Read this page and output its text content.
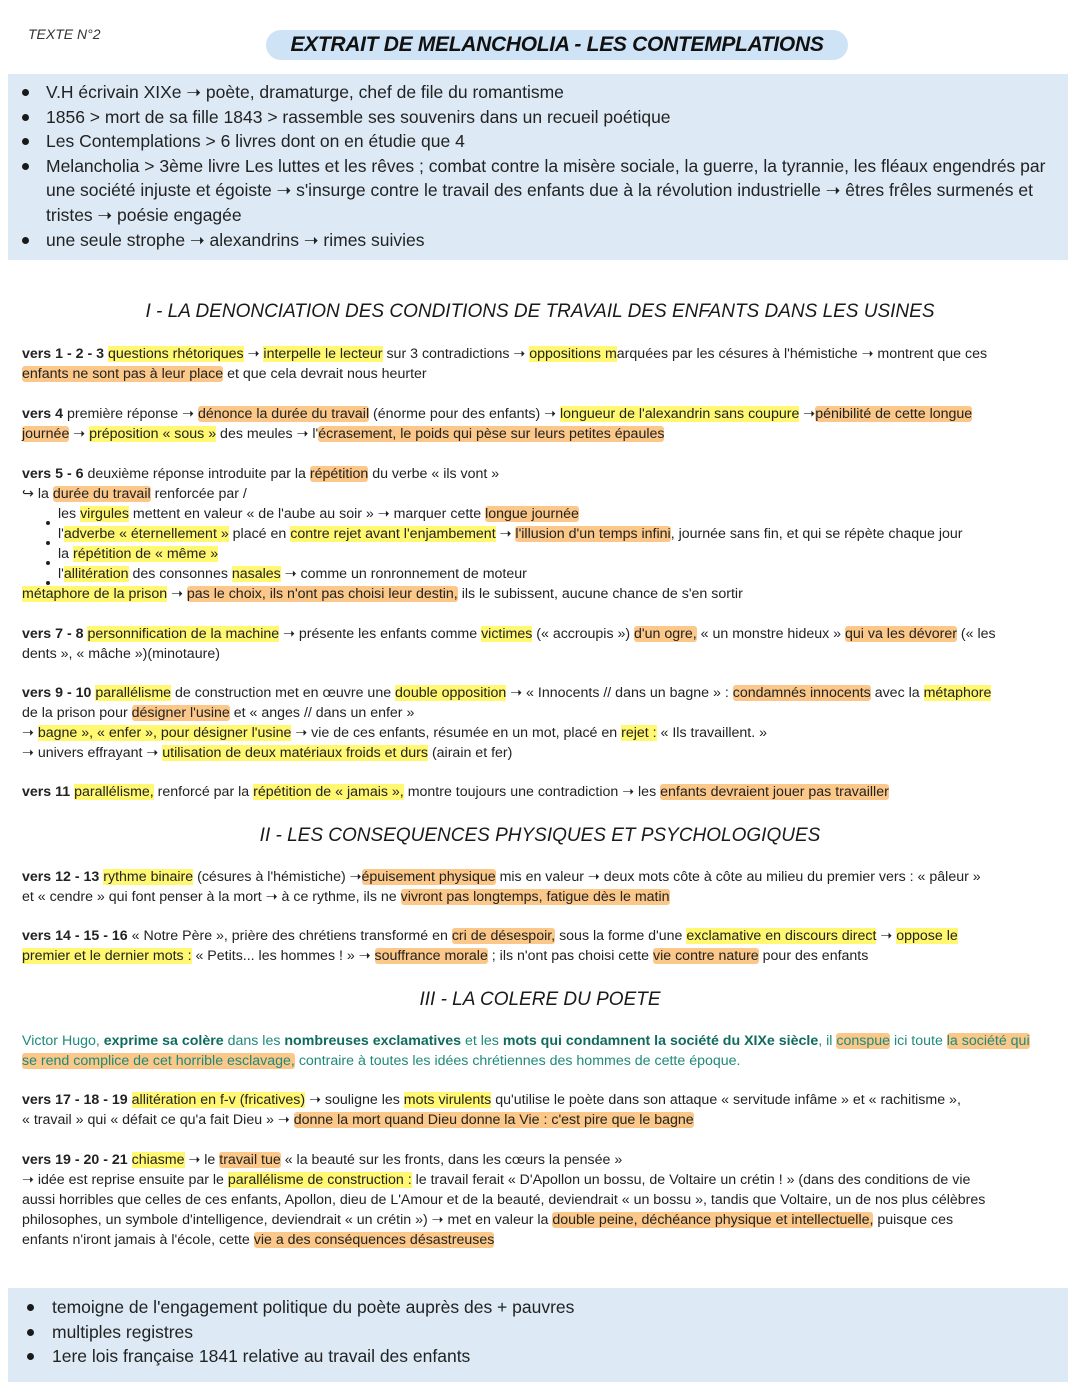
TEXTE N°2	EXTRAIT DE MELANCHOLIA - LES CONTEMPLATIONS
V.H écrivain XIXe ➝ poète, dramaturge, chef de file du romantisme
1856 > mort de sa fille 1843 > rassemble ses souvenirs dans un recueil poétique
Les Contemplations > 6 livres dont on en étudie que 4
Melancholia > 3ème livre Les luttes et les rêves ; combat contre la misère sociale, la guerre, la tyrannie, les fléaux engendrés par une société injuste et égoiste ➝ s'insurge contre le travail des enfants due à la révolution industrielle ➝ êtres frêles surmenés et tristes ➝ poésie engagée
une seule strophe ➝ alexandrins ➝ rimes suivies
I - LA DENONCIATION DES CONDITIONS DE TRAVAIL DES ENFANTS DANS LES USINES
vers 1 - 2 - 3 questions rhétoriques ➝ interpelle le lecteur sur 3 contradictions ➝ oppositions marquées par les césures à l'hémistiche ➝ montrent que ces
enfants ne sont pas à leur place et que cela devrait nous heurter
vers 4 première réponse ➝ dénonce la durée du travail (énorme pour des enfants) ➝ longueur de l'alexandrin sans coupure ➝pénibilité de cette longue
journée ➝ préposition « sous » des meules ➝ l'écrasement, le poids qui pèse sur leurs petites épaules
vers 5 - 6 deuxième réponse introduite par la répétition du verbe « ils vont »
↪ la durée du travail renforcée par /
les virgules mettent en valeur « de l'aube au soir » ➝ marquer cette longue journée
l'adverbe « éternellement » placé en contre rejet avant l'enjambement ➝ l'illusion d'un temps infini, journée sans fin, et qui se répète chaque jour
la répétition de « même »
l'allitération des consonnes nasales ➝ comme un ronronnement de moteur
métaphore de la prison ➝ pas le choix, ils n'ont pas choisi leur destin, ils le subissent, aucune chance de s'en sortir
vers 7 - 8 personnification de la machine ➝ présente les enfants comme victimes (« accroupis ») d'un ogre, « un monstre hideux » qui va les dévorer (« les
dents », « mâche »)(minotaure)
vers 9 - 10 parallélisme de construction met en œuvre une double opposition ➝ « Innocents // dans un bagne » : condamnés innocents avec la métaphore
de la prison pour désigner l'usine et « anges // dans un enfer »
➝ bagne », « enfer », pour désigner l'usine ➝ vie de ces enfants, résumée en un mot, placé en rejet : « Ils travaillent. »
➝ univers effrayant ➝ utilisation de deux matériaux froids et durs (airain et fer)
vers 11 parallélisme, renforcé par la répétition de « jamais », montre toujours une contradiction ➝ les enfants devraient jouer pas travailler
II - LES CONSEQUENCES PHYSIQUES ET PSYCHOLOGIQUES
vers 12 - 13 rythme binaire (césures à l'hémistiche) ➝épuisement physique mis en valeur ➝ deux mots côte à côte au milieu du premier vers : « pâleur »
et « cendre » qui font penser à la mort ➝ à ce rythme, ils ne vivront pas longtemps, fatigue dès le matin
vers 14 - 15 - 16 « Notre Père », prière des chrétiens transformé en cri de désespoir, sous la forme d'une exclamative en discours direct ➝ oppose le
premier et le dernier mots : « Petits... les hommes ! » ➝ souffrance morale ; ils n'ont pas choisi cette vie contre nature pour des enfants
III - LA COLERE DU POETE
Victor Hugo, exprime sa colère dans les nombreuses exclamatives et les mots qui condamnent la société du XIXe siècle, il conspue ici toute la société qui
se rend complice de cet horrible esclavage, contraire à toutes les idées chrétiennes des hommes de cette époque.
vers 17 - 18 - 19 allitération en f-v (fricatives) ➝ souligne les mots virulents qu'utilise le poète dans son attaque « servitude infâme » et « rachitisme »,
« travail » qui « défait ce qu'a fait Dieu » ➝ donne la mort quand Dieu donne la Vie : c'est pire que le bagne
vers 19 - 20 - 21 chiasme ➝ le travail tue « la beauté sur les fronts, dans les cœurs la pensée »
➝ idée est reprise ensuite par le parallélisme de construction : le travail ferait « D'Apollon un bossu, de Voltaire un crétin ! » (dans des conditions de vie
aussi horribles que celles de ces enfants, Apollon, dieu de L'Amour et de la beauté, deviendrait « un bossu », tandis que Voltaire, un de nos plus célèbres
philosophes, un symbole d'intelligence, deviendrait « un crétin ») ➝ met en valeur la double peine, déchéance physique et intellectuelle, puisque ces
enfants n'iront jamais à l'école, cette vie a des conséquences désastreuses
temoigne de l'engagement politique du poète auprès des + pauvres
multiples registres
1ere lois française 1841 relative au travail des enfants
